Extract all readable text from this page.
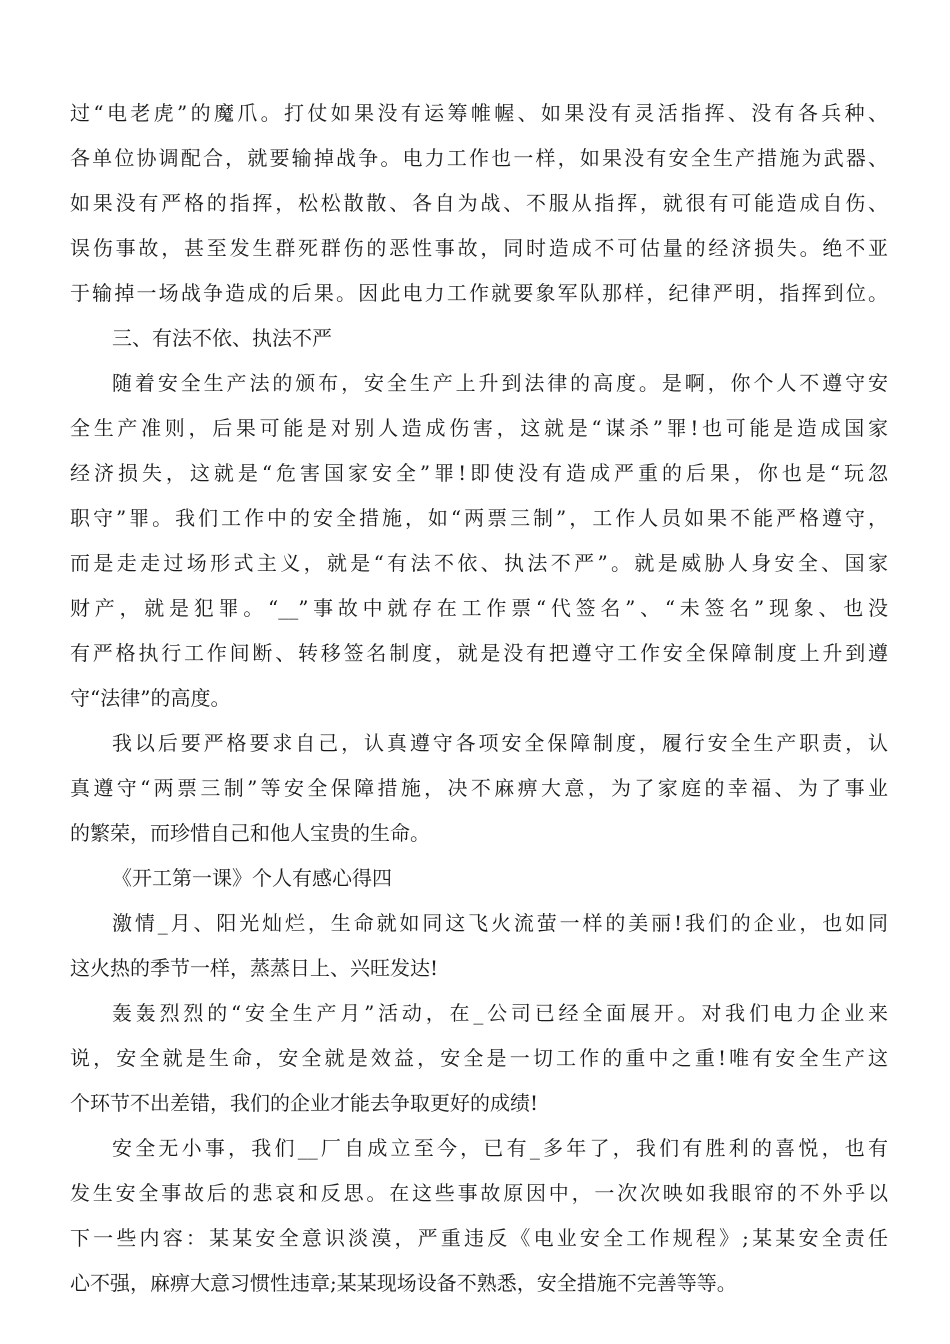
过“电老虎”的魔爪。打仗如果没有运筹帷幄、如果没有灵活指挥、没有各兵种、
各单位协调配合，就要输掉战争。电力工作也一样，如果没有安全生产措施为武器、
如果没有严格的指挥，松松散散、各自为战、不服从指挥，就很有可能造成自伤、
误伤事故，甚至发生群死群伤的恶性事故，同时造成不可估量的经济损失。绝不亚
于输掉一场战争造成的后果。因此电力工作就要象军队那样，纪律严明，指挥到位。
三、有法不依、执法不严
随着安全生产法的颁布，安全生产上升到法律的高度。是啊，你个人不遵守安
全生产准则，后果可能是对别人造成伤害，这就是“谋杀”罪!也可能是造成国家
经济损失，这就是“危害国家安全”罪!即使没有造成严重的后果，你也是“玩忽
职守”罪。我们工作中的安全措施，如“两票三制”，工作人员如果不能严格遵守，
而是走走过场形式主义，就是“有法不依、执法不严”。就是威胁人身安全、国家
财产，就是犯罪。“__”事故中就存在工作票“代签名”、“未签名”现象、也没
有严格执行工作间断、转移签名制度，就是没有把遵守工作安全保障制度上升到遵
守“法律”的高度。
我以后要严格要求自己，认真遵守各项安全保障制度，履行安全生产职责，认
真遵守“两票三制”等安全保障措施，决不麻痹大意，为了家庭的幸福、为了事业
的繁荣，而珍惜自己和他人宝贵的生命。
《开工第一课》个人有感心得四
激情_月、阳光灿烂，生命就如同这飞火流萤一样的美丽!我们的企业，也如同
这火热的季节一样，蒸蒸日上、兴旺发达!
轰轰烈烈的“安全生产月”活动，在_公司已经全面展开。对我们电力企业来
说，安全就是生命，安全就是效益，安全是一切工作的重中之重!唯有安全生产这
个环节不出差错，我们的企业才能去争取更好的成绩!
安全无小事，我们__厂自成立至今，已有_多年了，我们有胜利的喜悦，也有
发生安全事故后的悲哀和反思。在这些事故原因中，一次次映如我眼帘的不外乎以
下一些内容：某某安全意识淡漠，严重违反《电业安全工作规程》;某某安全责任
心不强，麻痹大意习惯性违章;某某现场设备不熟悉，安全措施不完善等等。
